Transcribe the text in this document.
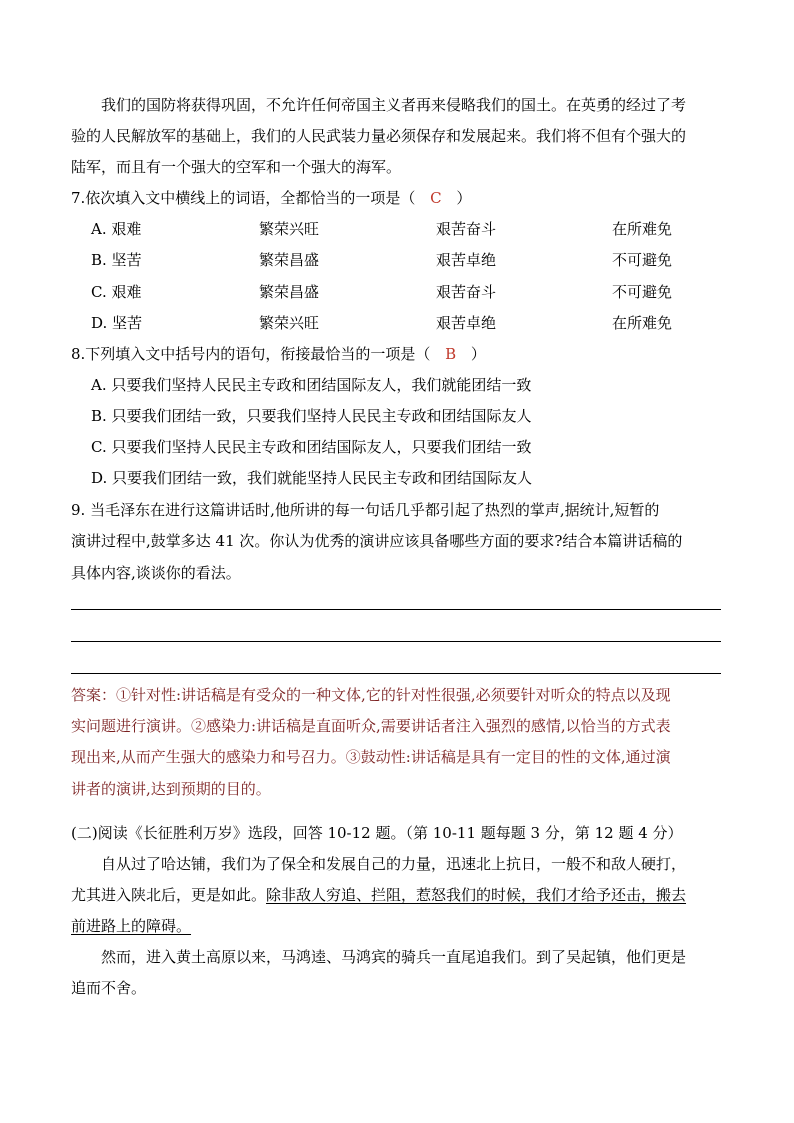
我们的国防将获得巩固，不允许任何帝国主义者再来侵略我们的国土。在英勇的经过了考
验的人民解放军的基础上，我们的人民武装力量必须保存和发展起来。我们将不但有个强大的
陆军，而且有一个强大的空军和一个强大的海军。
7.依次填入文中横线上的词语，全都恰当的一项是（ C ）
A. 艰难	繁荣兴旺	艰苦奋斗	在所难免
B. 坚苦	繁荣昌盛	艰苦卓绝	不可避免
C. 艰难	繁荣昌盛	艰苦奋斗	不可避免
D. 坚苦	繁荣兴旺	艰苦卓绝	在所难免
8.下列填入文中括号内的语句，衔接最恰当的一项是（ B ）
A. 只要我们坚持人民民主专政和团结国际友人，我们就能团结一致
B. 只要我们团结一致，只要我们坚持人民民主专政和团结国际友人
C. 只要我们坚持人民民主专政和团结国际友人，只要我们团结一致
D. 只要我们团结一致，我们就能坚持人民民主专政和团结国际友人
9. 当毛泽东在进行这篇讲话时,他所讲的每一句话几乎都引起了热烈的掌声,据统计,短暂的
演讲过程中,鼓掌多达 41 次。你认为优秀的演讲应该具备哪些方面的要求?结合本篇讲话稿的
具体内容,谈谈你的看法。
答案：①针对性:讲话稿是有受众的一种文体,它的针对性很强,必须要针对听众的特点以及现
实问题进行演讲。②感染力:讲话稿是直面听众,需要讲话者注入强烈的感情,以恰当的方式表
现出来,从而产生强大的感染力和号召力。③鼓动性:讲话稿是具有一定目的性的文体,通过演
讲者的演讲,达到预期的目的。
(二)阅读《长征胜利万岁》选段，回答 10-12 题。（第 10-11 题每题 3 分，第 12 题 4 分）
自从过了哈达铺，我们为了保全和发展自己的力量，迅速北上抗日，一般不和敌人硬打，
尤其进入陕北后，更是如此。除非敌人穷追、拦阻，惹怒我们的时候，我们才给予还击，搬去
前进路上的障碍。
然而，进入黄土高原以来，马鸿逵、马鸿宾的骑兵一直尾追我们。到了吴起镇，他们更是
追而不舍。
